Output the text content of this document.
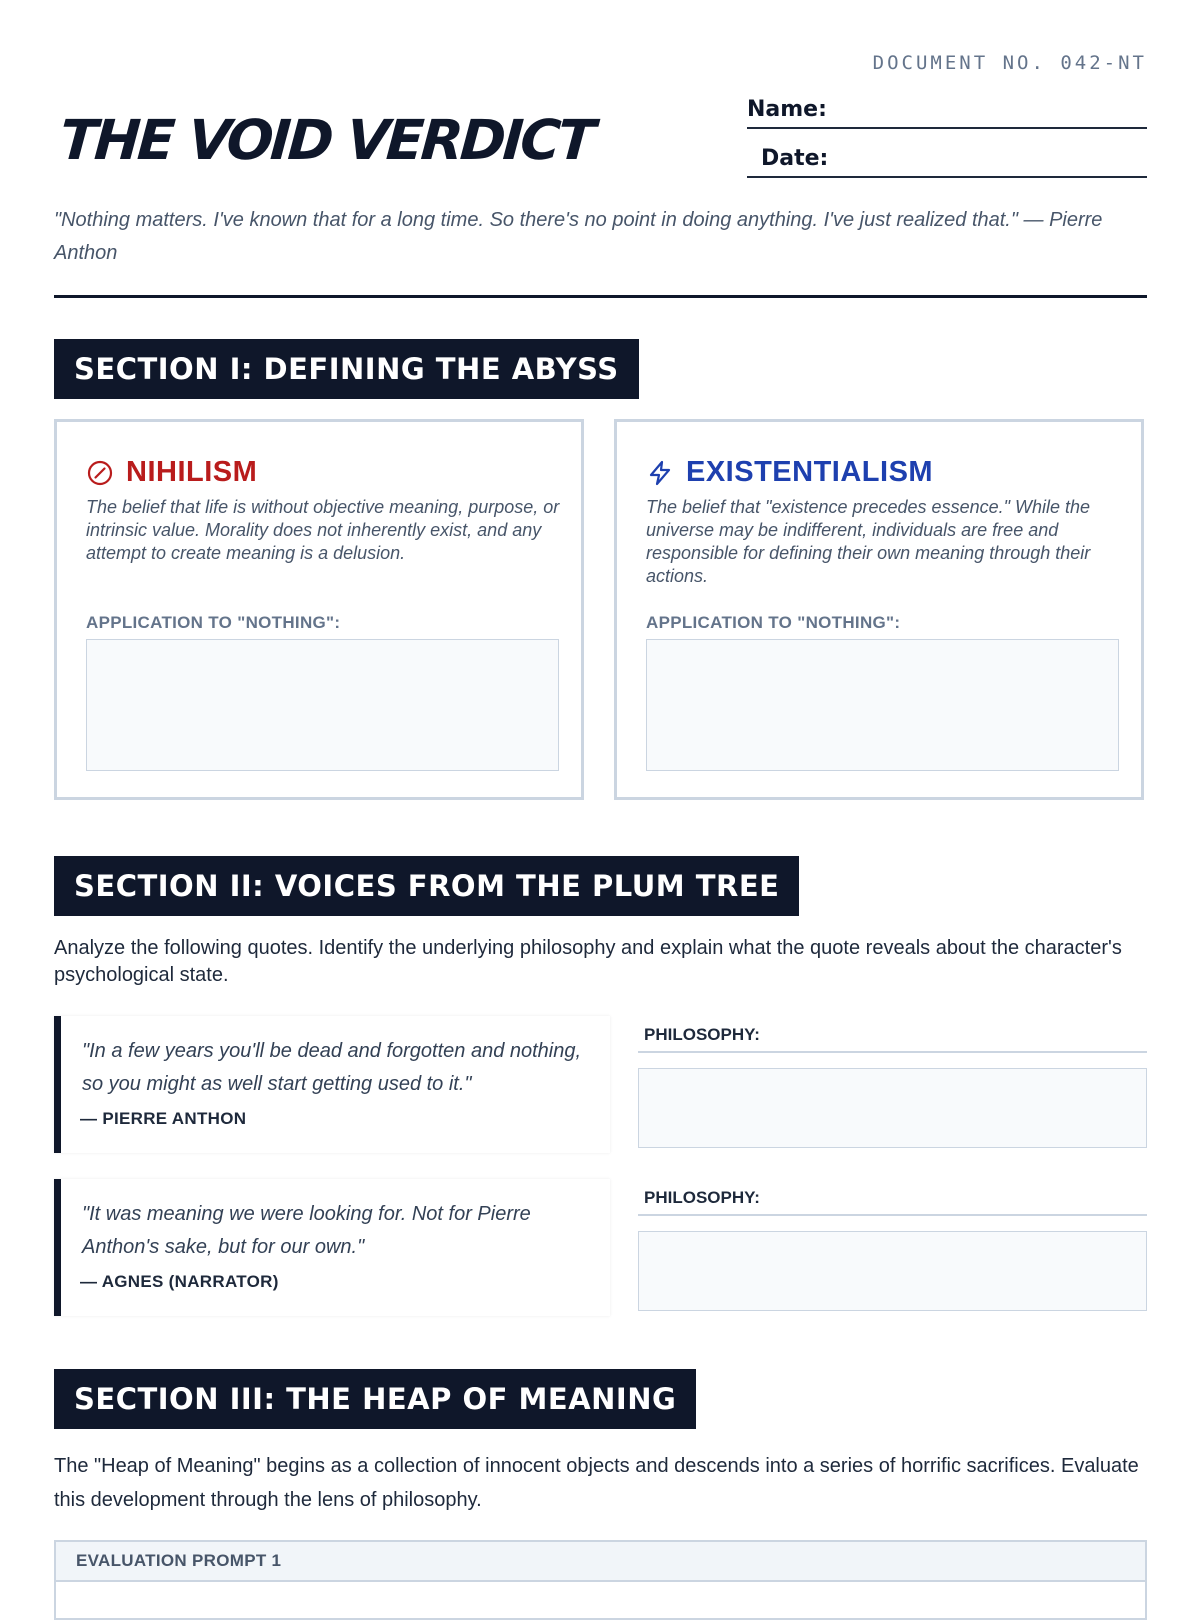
DOCUMENT NO. 042-NT
THE VOID VERDICT	Name:
Date:

"Nothing matters. I've known that for a long time. So there's no point in doing anything. I've just realized that." — Pierre Anthon

SECTION I: DEFINING THE ABYSS
NIHILISM

The belief that life is without objective meaning, purpose, or intrinsic value. Morality does not inherently exist, and any attempt to create meaning is a delusion.

APPLICATION TO "NOTHING":
EXISTENTIALISM

The belief that "existence precedes essence." While the universe may be indifferent, individuals are free and responsible for defining their own meaning through their actions.

APPLICATION TO "NOTHING":
SECTION II: VOICES FROM THE PLUM TREE

Analyze the following quotes. Identify the underlying philosophy and explain what the quote reveals about the character's psychological state.

"In a few years you'll be dead and forgotten and nothing, so you might as well start getting used to it."

— PIERRE ANTHON
PHILOSOPHY:

"It was meaning we were looking for. Not for Pierre Anthon's sake, but for our own."

— AGNES (NARRATOR)
PHILOSOPHY:
SECTION III: THE HEAP OF MEANING

The "Heap of Meaning" begins as a collection of innocent objects and descends into a series of horrific sacrifices. Evaluate this development through the lens of philosophy.

EVALUATION PROMPT 1
